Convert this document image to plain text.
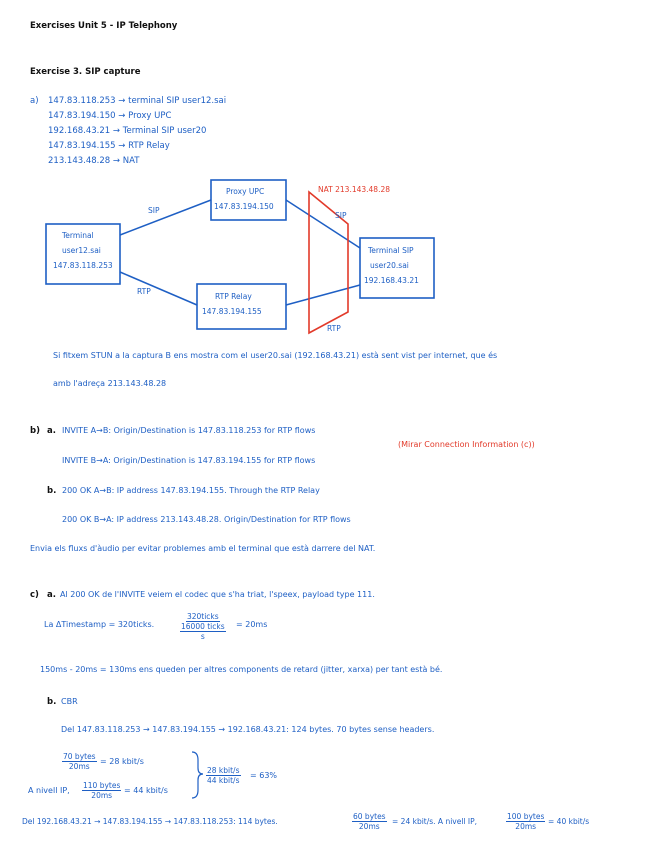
Exercises Unit 5 - IP Telephony
Exercise 3. SIP capture
a) 147.83.118.253 → terminal SIP user12.sai
147.83.194.150 → Proxy UPC
192.168.43.21 → Terminal SIP user20
147.83.194.155 → RTP Relay
213.143.48.28 → NAT
Terminal
user12.sai
147.83.118.253
Proxy UPC
147.83.194.150
RTP Relay
147.83.194.155
Terminal SIP
user20.sai
192.168.43.21
SIP
RTP
SIP
RTP
NAT 213.143.48.28
Si fitxem STUN a la captura B ens mostra com el user20.sai (192.168.43.21) està sent vist per internet, que és
amb l'adreça 213.143.48.28
b) a. INVITE A→B: Origin/Destination is 147.83.118.253 for RTP flows
(Mirar Connection Information (c))
INVITE B→A: Origin/Destination is 147.83.194.155 for RTP flows
b. 200 OK A→B: IP address 147.83.194.155. Through the RTP Relay
200 OK B→A: IP address 213.143.48.28. Origin/Destination for RTP flows
Envia els fluxs d'àudio per evitar problemes amb el terminal que està darrere del NAT.
c) a. Al 200 OK de l'INVITE veiem el codec que s'ha triat, l'speex, payload type 111.
La ΔTimestamp = 320ticks.
320ticks
16000 ticks
s
= 20ms
150ms - 20ms = 130ms ens queden per altres components de retard (jitter, xarxa) per tant està bé.
b. CBR
Del 147.83.118.253 → 147.83.194.155 → 192.168.43.21: 124 bytes. 70 bytes sense headers.
70 bytes
20ms
= 28 kbit/s
A nivell IP,
110 bytes
20ms
= 44 kbit/s
28 kbit/s
44 kbit/s
= 63%
Del 192.168.43.21 → 147.83.194.155 → 147.83.118.253: 114 bytes.
60 bytes
20ms
= 24 kbit/s. A nivell IP,
100 bytes
20ms
= 40 kbit/s
